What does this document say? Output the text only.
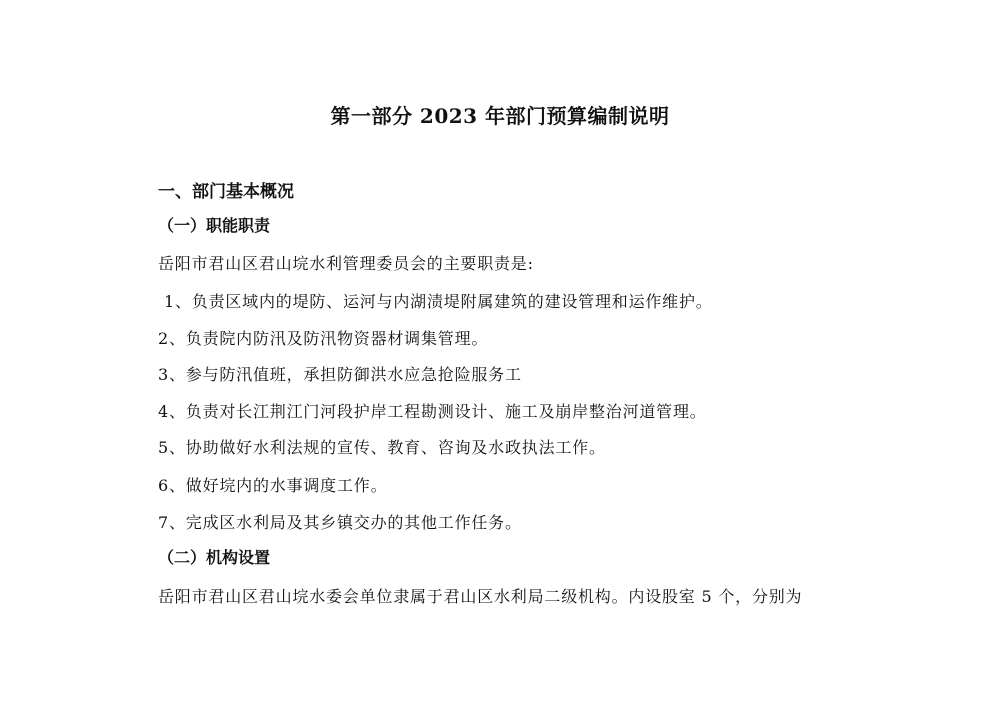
第一部分 2023 年部门预算编制说明
一、部门基本概况
（一）职能职责
岳阳市君山区君山垸水利管理委员会的主要职责是:
1、负责区域内的堤防、运河与内湖渍堤附属建筑的建设管理和运作维护。
2、负责院内防汛及防汛物资器材调集管理。
3、参与防汛值班，承担防御洪水应急抢险服务工
4、负责对长江荆江门河段护岸工程勘测设计、施工及崩岸整治河道管理。
5、协助做好水利法规的宣传、教育、咨询及水政执法工作。
6、做好垸内的水事调度工作。
7、完成区水利局及其乡镇交办的其他工作任务。
（二）机构设置
岳阳市君山区君山垸水委会单位隶属于君山区水利局二级机构。内设股室 5 个，分别为
